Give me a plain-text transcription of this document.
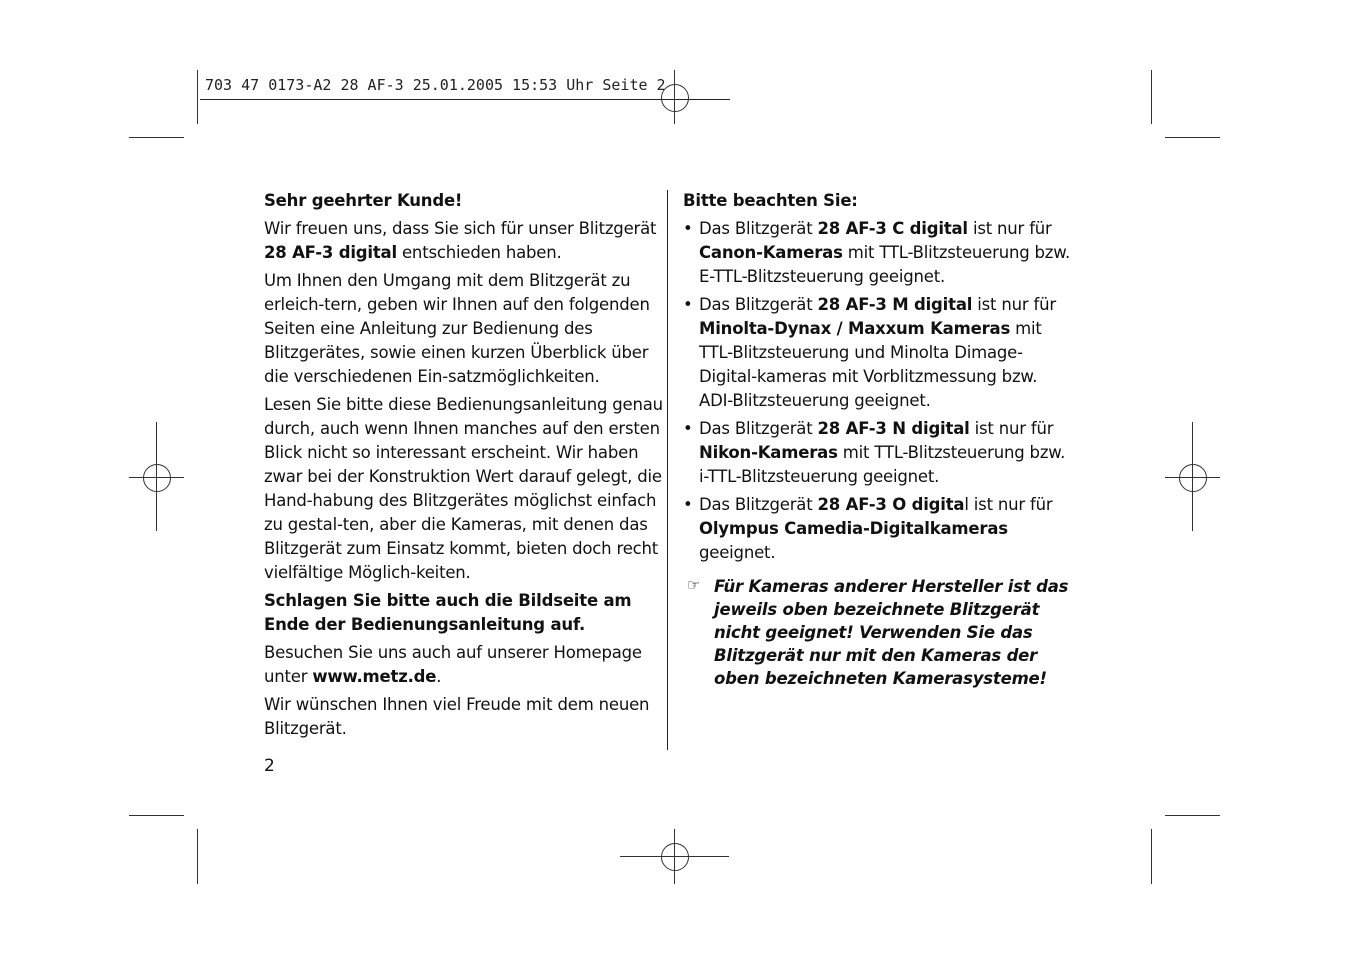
703 47 0173-A2 28 AF-3 25.01.2005 15:53 Uhr Seite 2

Sehr geehrter Kunde!

Wir freuen uns, dass Sie sich für unser Blitzgerät
28 AF-3 digital entschieden haben.

Um Ihnen den Umgang mit dem Blitzgerät zu erleich-tern, geben wir Ihnen auf den folgenden Seiten eine Anleitung zur Bedienung des Blitzgerätes, sowie einen kurzen Überblick über die verschiedenen Ein-satzmöglichkeiten.

Lesen Sie bitte diese Bedienungsanleitung genau durch, auch wenn Ihnen manches auf den ersten Blick nicht so interessant erscheint. Wir haben zwar bei der Konstruktion Wert darauf gelegt, die Hand-habung des Blitzgerätes möglichst einfach zu gestal-ten, aber die Kameras, mit denen das Blitzgerät zum Einsatz kommt, bieten doch recht vielfältige Möglich-keiten.

Schlagen Sie bitte auch die Bildseite am Ende der Bedienungsanleitung auf.

Besuchen Sie uns auch auf unserer Homepage unter www.metz.de.

Wir wünschen Ihnen viel Freude mit dem neuen Blitzgerät.

Bitte beachten Sie:

• Das Blitzgerät 28 AF-3 C digital ist nur für
Canon-Kameras mit TTL-Blitzsteuerung bzw. E-TTL-Blitzsteuerung geeignet.
• Das Blitzgerät 28 AF-3 M digital ist nur für
Minolta-Dynax / Maxxum Kameras mit TTL-Blitzsteuerung und Minolta Dimage-Digital-kameras mit Vorblitzmessung bzw. ADI-Blitzsteuerung geeignet.
• Das Blitzgerät 28 AF-3 N digital ist nur für
Nikon-Kameras mit TTL-Blitzsteuerung bzw. i-TTL-Blitzsteuerung geeignet.
• Das Blitzgerät 28 AF-3 O digital ist nur für
Olympus Camedia-Digitalkameras geeignet.
☞ Für Kameras anderer Hersteller ist das jeweils oben bezeichnete Blitzgerät nicht geeignet! Verwenden Sie das Blitzgerät nur mit den Kameras der oben bezeichneten Kamerasysteme!
2
